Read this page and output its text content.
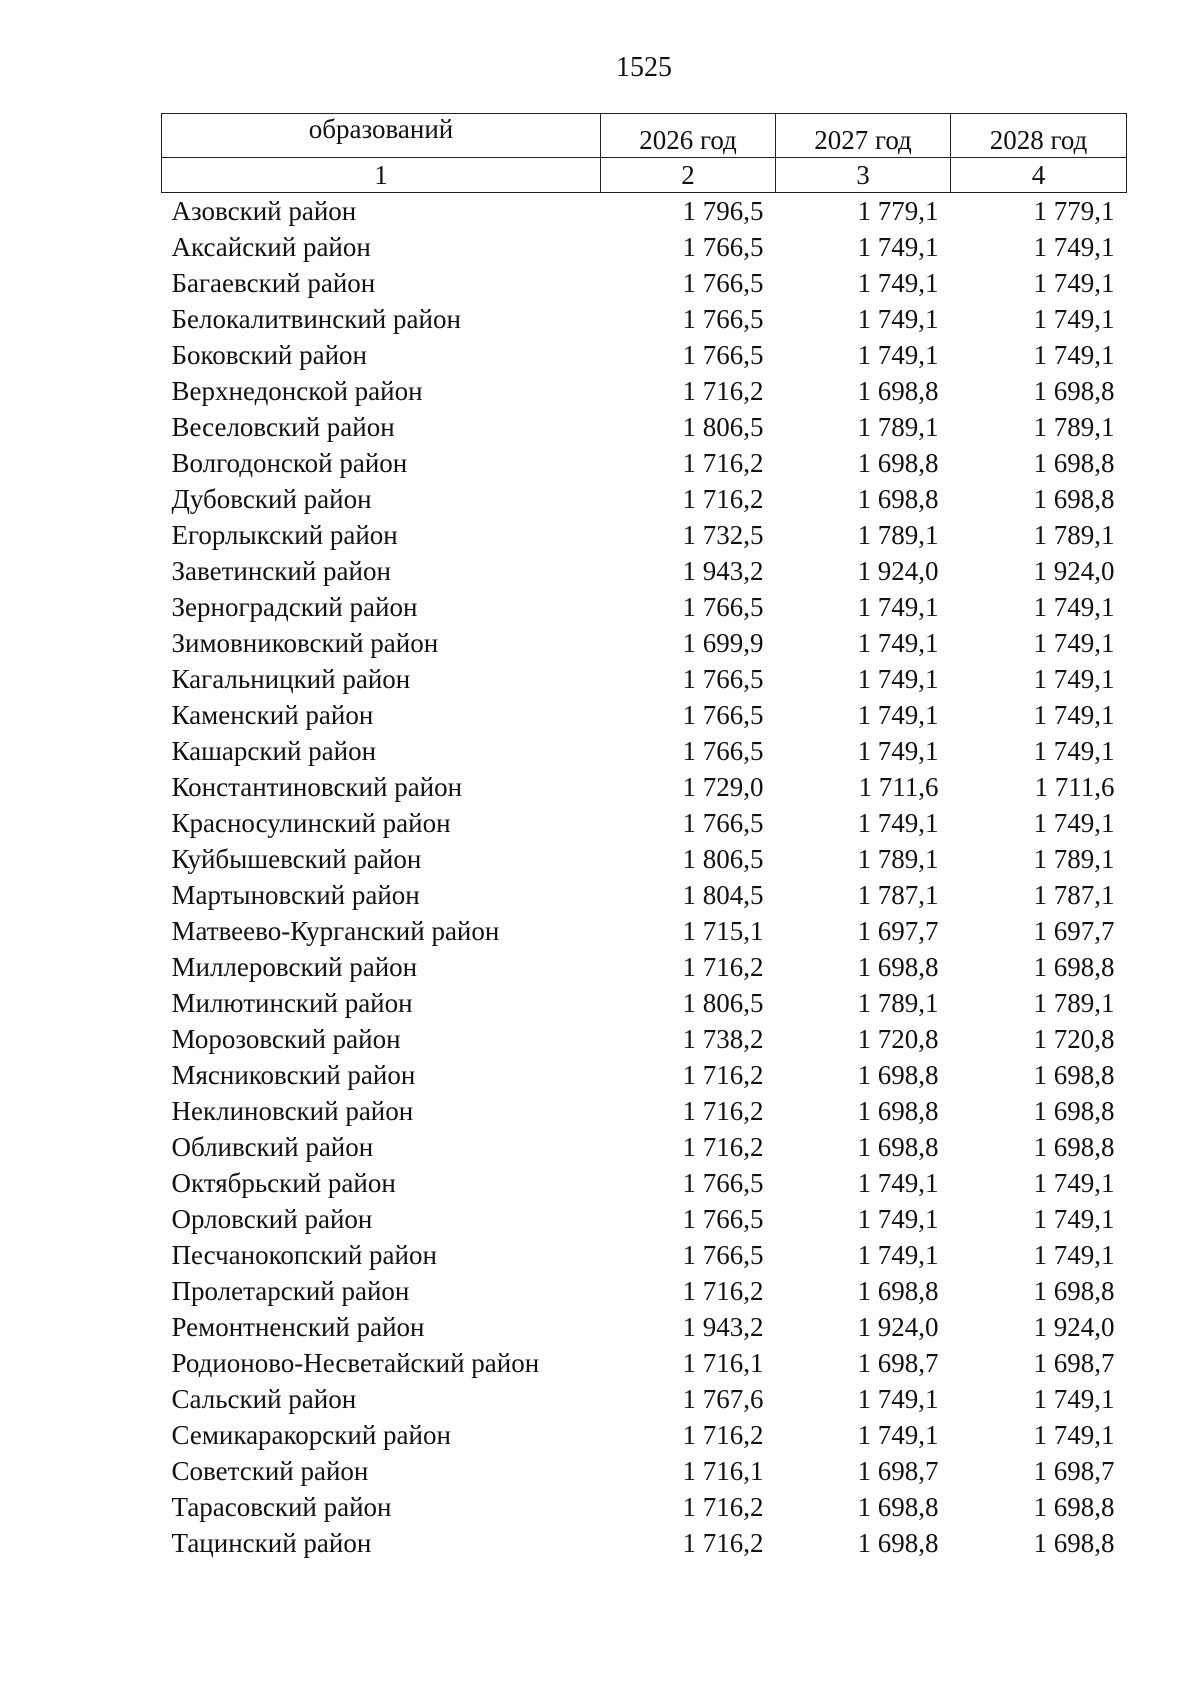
1525
образований	2026 год	2027 год	2028 год
1	2	3	4
Азовский район	1 796,5	1 779,1	1 779,1
Аксайский район	1 766,5	1 749,1	1 749,1
Багаевский район	1 766,5	1 749,1	1 749,1
Белокалитвинский район	1 766,5	1 749,1	1 749,1
Боковский район	1 766,5	1 749,1	1 749,1
Верхнедонской район	1 716,2	1 698,8	1 698,8
Веселовский район	1 806,5	1 789,1	1 789,1
Волгодонской район	1 716,2	1 698,8	1 698,8
Дубовский район	1 716,2	1 698,8	1 698,8
Егорлыкский район	1 732,5	1 789,1	1 789,1
Заветинский район	1 943,2	1 924,0	1 924,0
Зерноградский район	1 766,5	1 749,1	1 749,1
Зимовниковский район	1 699,9	1 749,1	1 749,1
Кагальницкий район	1 766,5	1 749,1	1 749,1
Каменский район	1 766,5	1 749,1	1 749,1
Кашарский район	1 766,5	1 749,1	1 749,1
Константиновский район	1 729,0	1 711,6	1 711,6
Красносулинский район	1 766,5	1 749,1	1 749,1
Куйбышевский район	1 806,5	1 789,1	1 789,1
Мартыновский район	1 804,5	1 787,1	1 787,1
Матвеево-Курганский район	1 715,1	1 697,7	1 697,7
Миллеровский район	1 716,2	1 698,8	1 698,8
Милютинский район	1 806,5	1 789,1	1 789,1
Морозовский район	1 738,2	1 720,8	1 720,8
Мясниковский район	1 716,2	1 698,8	1 698,8
Неклиновский район	1 716,2	1 698,8	1 698,8
Обливский район	1 716,2	1 698,8	1 698,8
Октябрьский район	1 766,5	1 749,1	1 749,1
Орловский район	1 766,5	1 749,1	1 749,1
Песчанокопский район	1 766,5	1 749,1	1 749,1
Пролетарский район	1 716,2	1 698,8	1 698,8
Ремонтненский район	1 943,2	1 924,0	1 924,0
Родионово-Несветайский район	1 716,1	1 698,7	1 698,7
Сальский район	1 767,6	1 749,1	1 749,1
Семикаракорский район	1 716,2	1 749,1	1 749,1
Советский район	1 716,1	1 698,7	1 698,7
Тарасовский район	1 716,2	1 698,8	1 698,8
Тацинский район	1 716,2	1 698,8	1 698,8
